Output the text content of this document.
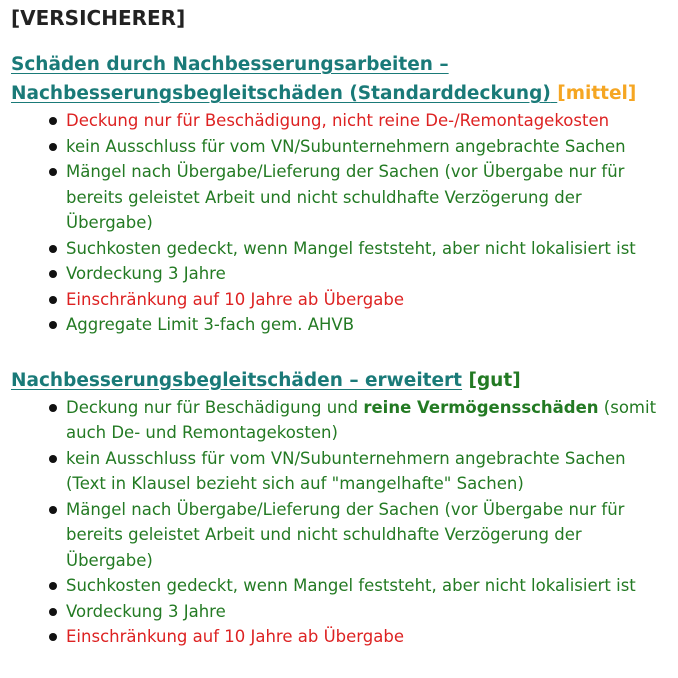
[VERSICHERER]
Schäden durch Nachbesserungsarbeiten –
Nachbesserungsbegleitschäden (Standarddeckung) [mittel]
Deckung nur für Beschädigung, nicht reine De-/Remontagekosten
kein Ausschluss für vom VN/Subunternehmern angebrachte Sachen
Mängel nach Übergabe/Lieferung der Sachen (vor Übergabe nur für bereits geleistet Arbeit und nicht schuldhafte Verzögerung der Übergabe)
Suchkosten gedeckt, wenn Mangel feststeht, aber nicht lokalisiert ist
Vordeckung 3 Jahre
Einschränkung auf 10 Jahre ab Übergabe
Aggregate Limit 3-fach gem. AHVB
Nachbesserungsbegleitschäden – erweitert [gut]
Deckung nur für Beschädigung und reine Vermögensschäden (somit auch De- und Remontagekosten)
kein Ausschluss für vom VN/Subunternehmern angebrachte Sachen (Text in Klausel bezieht sich auf "mangelhafte" Sachen)
Mängel nach Übergabe/Lieferung der Sachen (vor Übergabe nur für bereits geleistet Arbeit und nicht schuldhafte Verzögerung der Übergabe)
Suchkosten gedeckt, wenn Mangel feststeht, aber nicht lokalisiert ist
Vordeckung 3 Jahre
Einschränkung auf 10 Jahre ab Übergabe
